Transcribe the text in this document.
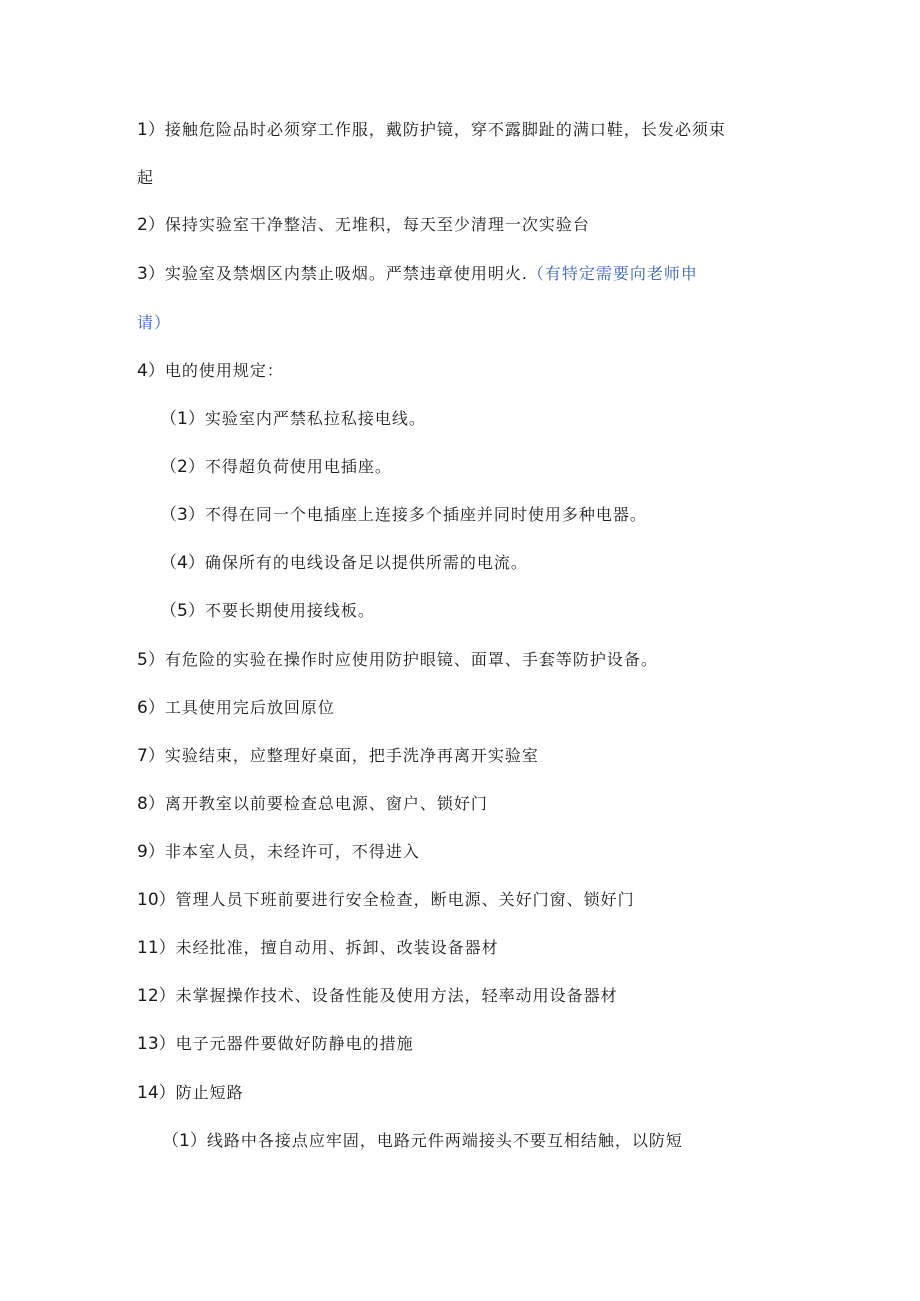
1）接触危险品时必须穿工作服，戴防护镜，穿不露脚趾的满口鞋，长发必须束
起
2）保持实验室干净整洁、无堆积，每天至少清理一次实验台
3）实验室及禁烟区内禁止吸烟。严禁违章使用明火.（有特定需要向老师申
请）
4）电的使用规定：
（1）实验室内严禁私拉私接电线。
（2）不得超负荷使用电插座。
（3）不得在同一个电插座上连接多个插座并同时使用多种电器。
（4）确保所有的电线设备足以提供所需的电流。
（5）不要长期使用接线板。
5）有危险的实验在操作时应使用防护眼镜、面罩、手套等防护设备。
6）工具使用完后放回原位
7）实验结束，应整理好桌面，把手洗净再离开实验室
8）离开教室以前要检查总电源、窗户、锁好门
9）非本室人员，未经许可，不得进入
10）管理人员下班前要进行安全检查，断电源、关好门窗、锁好门
11）未经批准，擅自动用、拆卸、改装设备器材
12）未掌握操作技术、设备性能及使用方法，轻率动用设备器材
13）电子元器件要做好防静电的措施
14）防止短路
（1）线路中各接点应牢固，电路元件两端接头不要互相结触，以防短
